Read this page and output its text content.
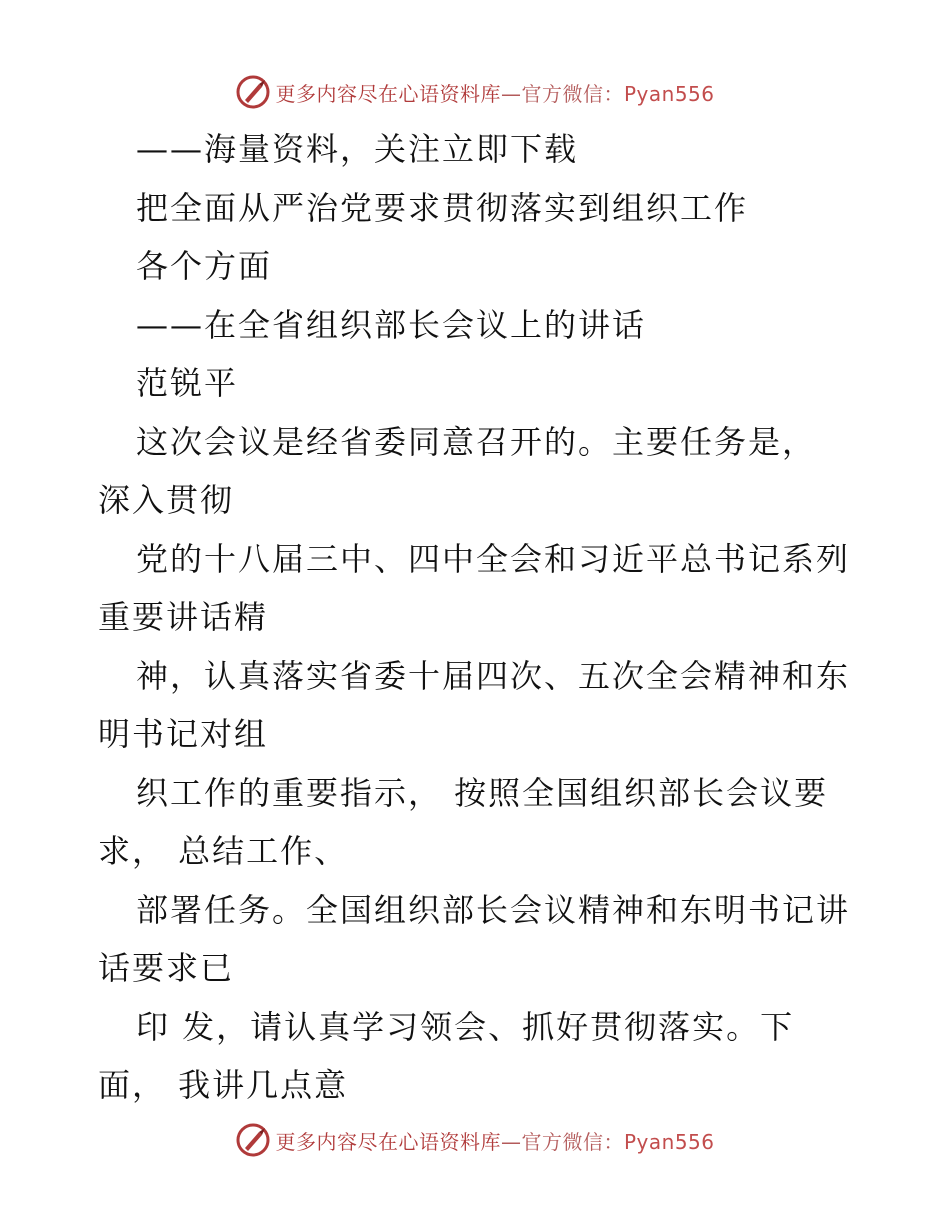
更多内容尽在心语资料库—官方微信：Pyan556
——海量资料，关注立即下载
把全面从严治党要求贯彻落实到组织工作
各个方面
——在全省组织部长会议上的讲话
范锐平
这次会议是经省委同意召开的。主要任务是，
深入贯彻
党的十八届三中、四中全会和习近平总书记系列
重要讲话精
神，认真落实省委十届四次、五次全会精神和东
明书记对组
织工作的重要指示， 按照全国组织部长会议要
求， 总结工作、
部署任务。全国组织部长会议精神和东明书记讲
话要求已
印 发，请认真学习领会、抓好贯彻落实。下
面， 我讲几点意
更多内容尽在心语资料库—官方微信：Pyan556
